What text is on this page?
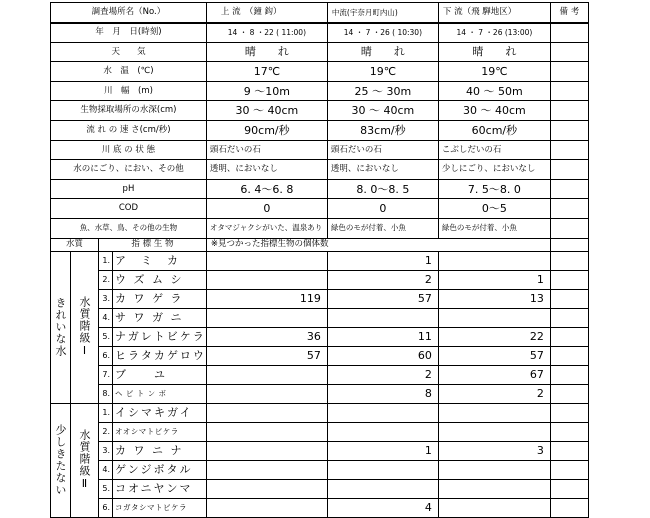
調査場所名（No.）				上 流　（鐘 鈎）	中流(宇奈月町内山)	下 流（飛 騨地区）	備 考
年　月　日(時刻)				14 ・ 8 ・22 ( 11:00)	14 ・ 7 ・26 ( 10:30)	14 ・ 7 ・26 (13:00)	
天　　気				晴　　れ	晴　　れ	晴　　れ	
水　温　(℃)				17℃	19℃	19℃	
川　幅　(m)				9 〜10m	25 〜 30m	40 〜 50m	
生物採取場所の水深(cm)				30 〜 40cm	30 〜 40cm	30 〜 40cm	
流 れ の 速 さ(cm/秒)				90cm/秒	83cm/秒	60cm/秒	
川 底 の 状 態				頭石だいの石	頭石だいの石	こぶしだいの石	
水のにごり、におい、その他				透明、においなし	透明、においなし	少しにごり、においなし	
pH				6. 4〜6. 8	8. 0〜8. 5	7. 5〜8. 0	
COD				0	0	0〜5	
魚、水草、鳥、その他の生物				オタマジャクシがいた、温泉あり	緑色のモが付着、小魚	緑色のモが付着、小魚	
水質		指 標 生 物		※見つかった指標生物の個体数			
きれいな水	水質階級Ⅰ	1.	ア　ミ　カ		1		
		2.	ウ ズ ム シ		2	1	
		3.	カ ワ ゲ ラ	119	57	13	
		4.	サ ワ ガ ニ				
		5.	ナガレトビケラ	36	11	22	
		6.	ヒラタカゲロウ	57	60	57	
		7.	ブ　　ユ		2	67	
		8.	ヘ ビ ト ン ボ		8	2	
少しきたない	水質階級Ⅱ	1.	イシマキガイ				
		2.	オオシマトビケラ				
		3.	カ ワ ニ ナ		1	3	
		4.	ゲンジボタル				
		5.	コオニヤンマ				
		6.	コガタシマトビケラ		4		
